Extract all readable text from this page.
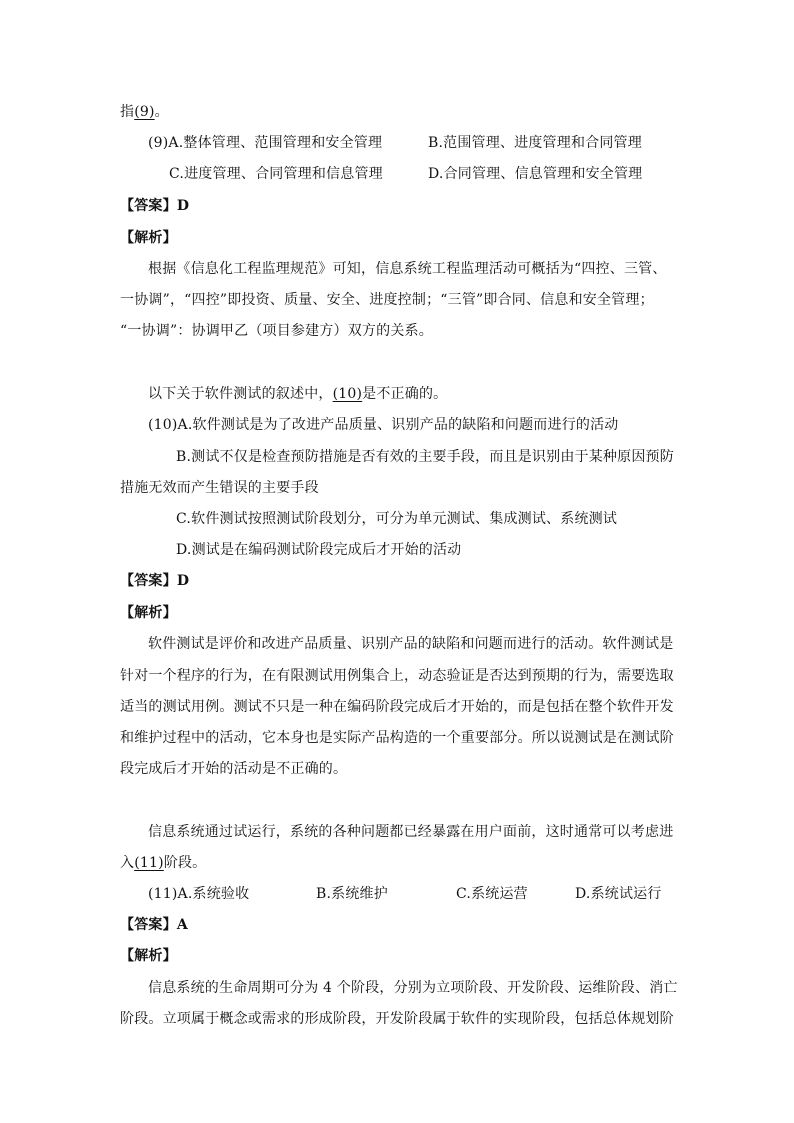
指(9)。
(9)A.整体管理、范围管理和安全管理	B.范围管理、进度管理和合同管理
C.进度管理、合同管理和信息管理	D.合同管理、信息管理和安全管理
【答案】D
【解析】
根据《信息化工程监理规范》可知，信息系统工程监理活动可概括为“四控、三管、
一协调”，“四控”即投资、质量、安全、进度控制；“三管”即合同、信息和安全管理；
“一协调”：协调甲乙（项目参建方）双方的关系。
以下关于软件测试的叙述中，(10)是不正确的。
(10)A.软件测试是为了改进产品质量、识别产品的缺陷和问题而进行的活动
B.测试不仅是检查预防措施是否有效的主要手段，而且是识别由于某种原因预防
措施无效而产生错误的主要手段
C.软件测试按照测试阶段划分，可分为单元测试、集成测试、系统测试
D.测试是在编码测试阶段完成后才开始的活动
【答案】D
【解析】
软件测试是评价和改进产品质量、识别产品的缺陷和问题而进行的活动。软件测试是
针对一个程序的行为，在有限测试用例集合上，动态验证是否达到预期的行为，需要选取
适当的测试用例。测试不只是一种在编码阶段完成后才开始的，而是包括在整个软件开发
和维护过程中的活动，它本身也是实际产品构造的一个重要部分。所以说测试是在测试阶
段完成后才开始的活动是不正确的。
信息系统通过试运行，系统的各种问题都已经暴露在用户面前，这时通常可以考虑进
入(11)阶段。
(11)A.系统验收	B.系统维护	C.系统运营	D.系统试运行
【答案】A
【解析】
信息系统的生命周期可分为 4 个阶段，分别为立项阶段、开发阶段、运维阶段、消亡
阶段。立项属于概念或需求的形成阶段，开发阶段属于软件的实现阶段，包括总体规划阶
